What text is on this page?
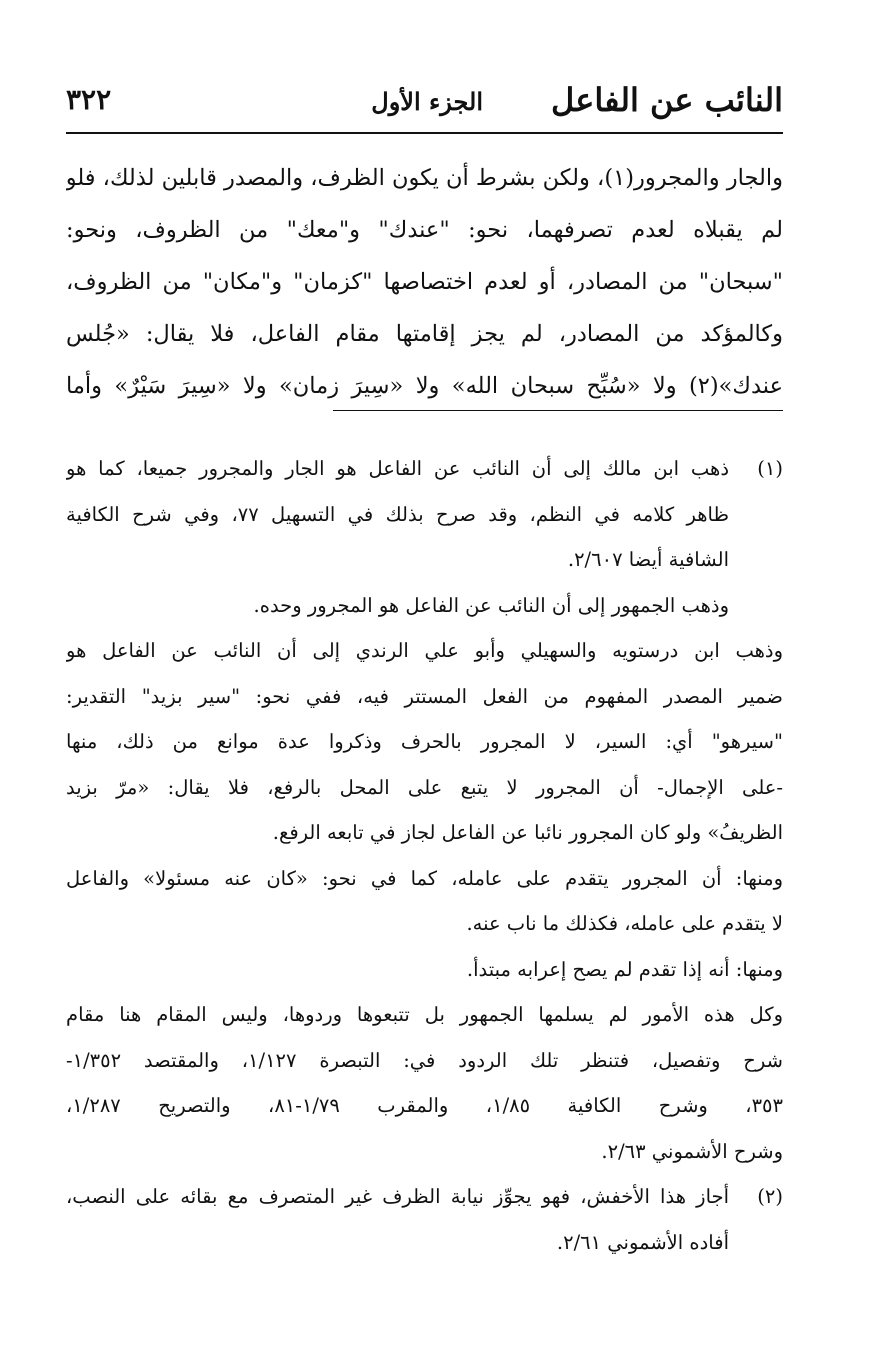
النائب عن الفاعل
الجزء الأول
٣٢٢
والجار والمجرور(١)، ولكن بشرط أن يكون الظرف، والمصدر قابلين لذلك، فلو
لم يقبلاه لعدم تصرفهما، نحو: "عندك" و"معك" من الظروف، ونحو:
"سبحان" من المصادر، أو لعدم اختصاصها "كزمان" و"مكان" من الظروف،
وكالمؤكد من المصادر، لم يجز إقامتها مقام الفاعل، فلا يقال: «جُلس
عندك»(٢) ولا «سُبِّح سبحان الله» ولا «سِيرَ زمان» ولا «سِيرَ سَيْرٌ» وأما
(١)
ذهب ابن مالك إلى أن النائب عن الفاعل هو الجار والمجرور جميعا، كما هو
ظاهر كلامه في النظم، وقد صرح بذلك في التسهيل ٧٧، وفي شرح الكافية
الشافية أيضا ٢/٦٠٧.
وذهب الجمهور إلى أن النائب عن الفاعل هو المجرور وحده.
وذهب ابن درستويه والسهيلي وأبو علي الرندي إلى أن النائب عن الفاعل هو
ضمير المصدر المفهوم من الفعل المستتر فيه، ففي نحو: "سير بزيد" التقدير:
"سيرهو" أي: السير، لا المجرور بالحرف وذكروا عدة موانع من ذلك، منها
-على الإجمال- أن المجرور لا يتبع على المحل بالرفع، فلا يقال: «مرّ بزيد
الظريفُ» ولو كان المجرور نائبا عن الفاعل لجاز في تابعه الرفع.
ومنها: أن المجرور يتقدم على عامله، كما في نحو: «كان عنه مسئولا» والفاعل
لا يتقدم على عامله، فكذلك ما ناب عنه.
ومنها: أنه إذا تقدم لم يصح إعرابه مبتدأ.
وكل هذه الأمور لم يسلمها الجمهور بل تتبعوها وردوها، وليس المقام هنا مقام
شرح وتفصيل، فتنظر تلك الردود في: التبصرة ١/١٢٧، والمقتصد ١/٣٥٢-
٣٥٣، وشرح الكافية ١/٨٥، والمقرب ١/٧٩-٨١، والتصريح ١/٢٨٧،
وشرح الأشموني ٢/٦٣.
(٢)
أجاز هذا الأخفش، فهو يجوِّز نيابة الظرف غير المتصرف مع بقائه على النصب،
أفاده الأشموني ٢/٦١.
